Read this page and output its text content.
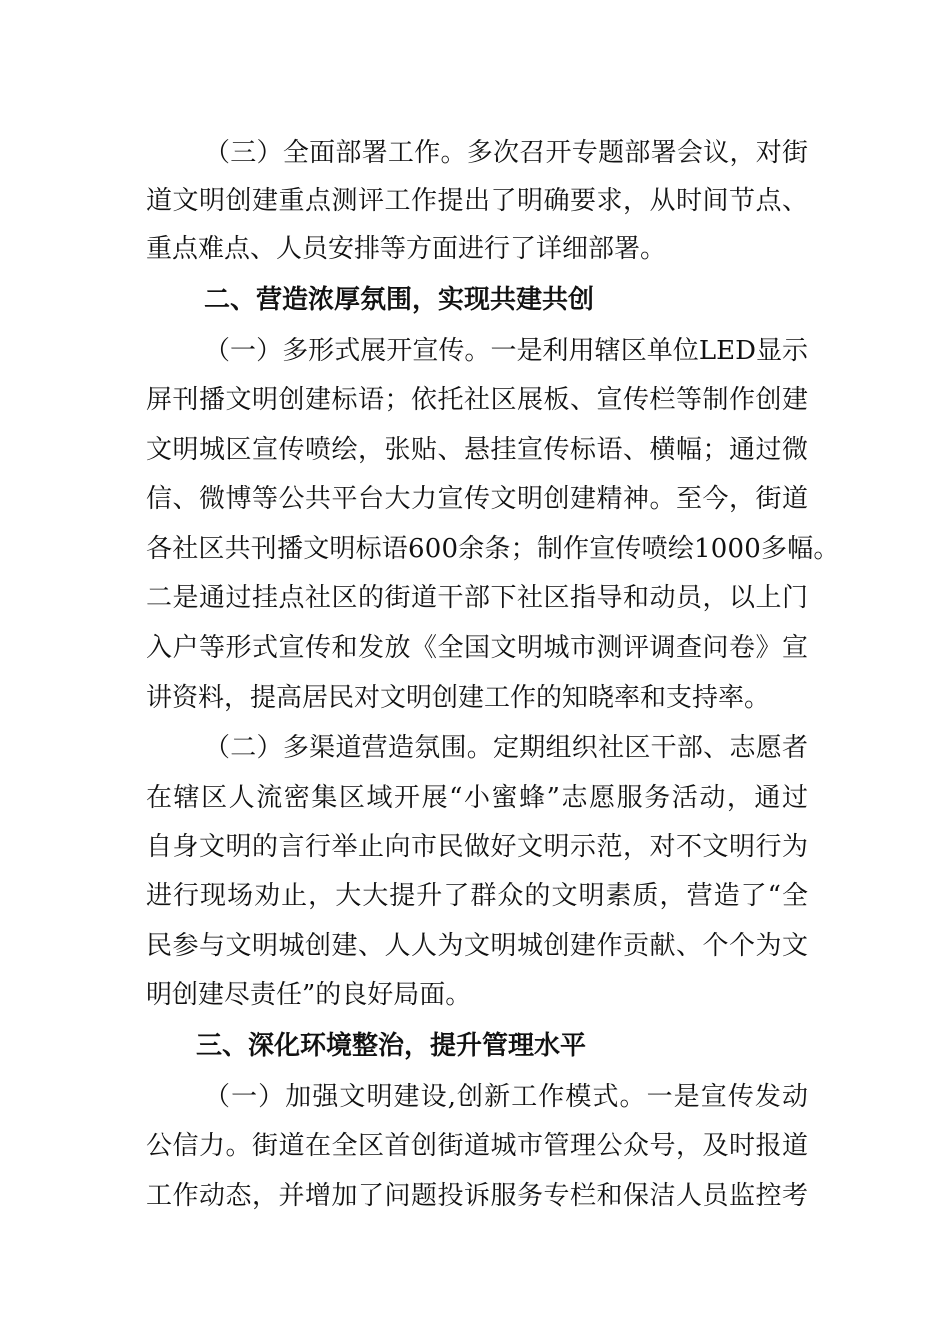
（三）全面部署工作。多次召开专题部署会议，对街
道文明创建重点测评工作提出了明确要求，从时间节点、
重点难点、人员安排等方面进行了详细部署。
二、营造浓厚氛围，实现共建共创
（一）多形式展开宣传。一是利用辖区单位LED显示
屏刊播文明创建标语；依托社区展板、宣传栏等制作创建
文明城区宣传喷绘，张贴、悬挂宣传标语、横幅；通过微
信、微博等公共平台大力宣传文明创建精神。至今，街道
各社区共刊播文明标语600余条；制作宣传喷绘1000多幅。
二是通过挂点社区的街道干部下社区指导和动员，以上门
入户等形式宣传和发放《全国文明城市测评调查问卷》宣
讲资料，提高居民对文明创建工作的知晓率和支持率。
（二）多渠道营造氛围。定期组织社区干部、志愿者
在辖区人流密集区域开展“小蜜蜂”志愿服务活动，通过
自身文明的言行举止向市民做好文明示范，对不文明行为
进行现场劝止，大大提升了群众的文明素质，营造了“全
民参与文明城创建、人人为文明城创建作贡献、个个为文
明创建尽责任”的良好局面。
三、深化环境整治，提升管理水平
（一）加强文明建设,创新工作模式。一是宣传发动
公信力。街道在全区首创街道城市管理公众号，及时报道
工作动态，并增加了问题投诉服务专栏和保洁人员监控考
